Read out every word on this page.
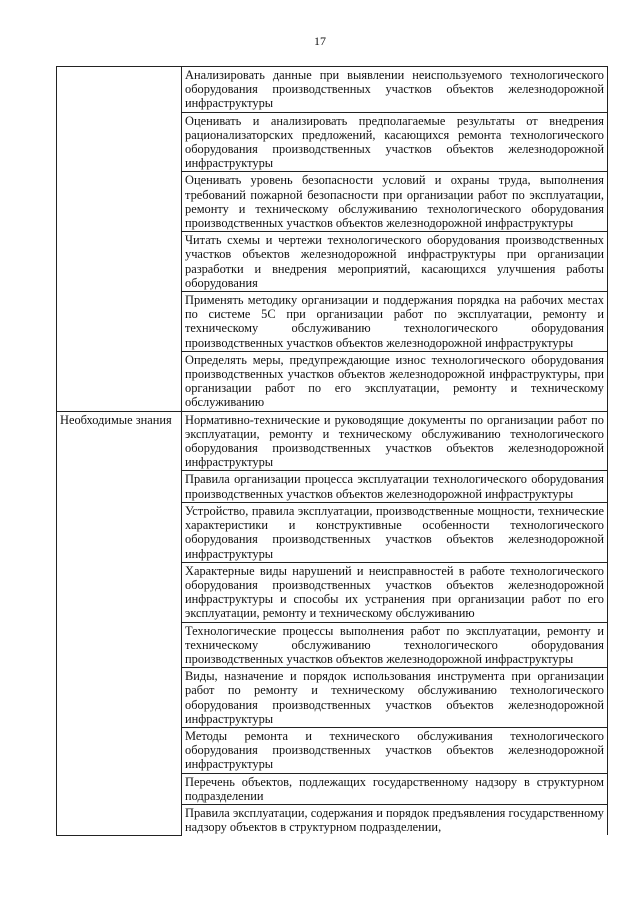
17
	Анализировать данные при выявлении неиспользуемого технологического оборудования производственных участков объектов железнодорожной инфраструктуры
	Оценивать и анализировать предполагаемые результаты от внедрения рационализаторских предложений, касающихся ремонта технологического оборудования производственных участков объектов железнодорожной инфраструктуры
	Оценивать уровень безопасности условий и охраны труда, выполнения требований пожарной безопасности при организации работ по эксплуатации, ремонту и техническому обслуживанию технологического оборудования производственных участков объектов железнодорожной инфраструктуры
	Читать схемы и чертежи технологического оборудования производственных участков объектов железнодорожной инфраструктуры при организации разработки и внедрения мероприятий, касающихся улучшения работы оборудования
	Применять методику организации и поддержания порядка на рабочих местах по системе 5С при организации работ по эксплуатации, ремонту и техническому обслуживанию технологического оборудования производственных участков объектов железнодорожной инфраструктуры
	Определять меры, предупреждающие износ технологического оборудования производственных участков объектов железнодорожной инфраструктуры, при организации работ по его эксплуатации, ремонту и техническому обслуживанию
Необходимые знания	Нормативно-технические и руководящие документы по организации работ по эксплуатации, ремонту и техническому обслуживанию технологического оборудования производственных участков объектов железнодорожной инфраструктуры
	Правила организации процесса эксплуатации технологического оборудования производственных участков объектов железнодорожной инфраструктуры
	Устройство, правила эксплуатации, производственные мощности, технические характеристики и конструктивные особенности технологического оборудования производственных участков объектов железнодорожной инфраструктуры
	Характерные виды нарушений и неисправностей в работе технологического оборудования производственных участков объектов железнодорожной инфраструктуры и способы их устранения при организации работ по его эксплуатации, ремонту и техническому обслуживанию
	Технологические процессы выполнения работ по эксплуатации, ремонту и техническому обслуживанию технологического оборудования производственных участков объектов железнодорожной инфраструктуры
	Виды, назначение и порядок использования инструмента при организации работ по ремонту и техническому обслуживанию технологического оборудования производственных участков объектов железнодорожной инфраструктуры
	Методы ремонта и технического обслуживания технологического оборудования производственных участков объектов железнодорожной инфраструктуры
	Перечень объектов, подлежащих государственному надзору в структурном подразделении
	Правила эксплуатации, содержания и порядок предъявления государственному надзору объектов в структурном подразделении,
